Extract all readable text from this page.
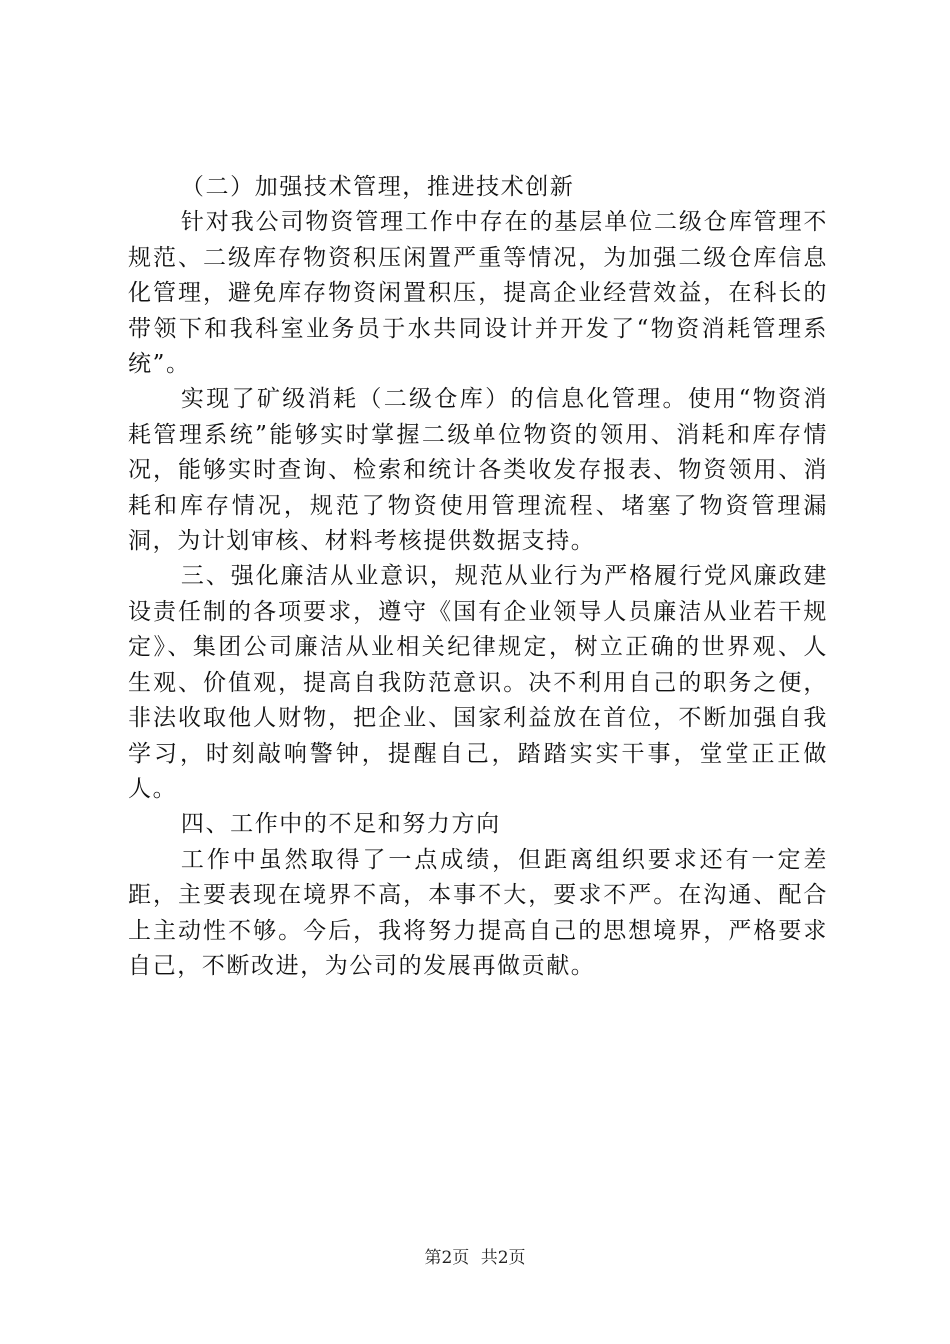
（二）加强技术管理，推进技术创新

针对我公司物资管理工作中存在的基层单位二级仓库管理不规范、二级库存物资积压闲置严重等情况，为加强二级仓库信息化管理，避免库存物资闲置积压，提高企业经营效益，在科长的带领下和我科室业务员于水共同设计并开发了“物资消耗管理系统”。

实现了矿级消耗（二级仓库）的信息化管理。使用“物资消耗管理系统”能够实时掌握二级单位物资的领用、消耗和库存情况，能够实时查询、检索和统计各类收发存报表、物资领用、消耗和库存情况，规范了物资使用管理流程、堵塞了物资管理漏洞，为计划审核、材料考核提供数据支持。

三、强化廉洁从业意识，规范从业行为严格履行党风廉政建设责任制的各项要求，遵守《国有企业领导人员廉洁从业若干规定》、集团公司廉洁从业相关纪律规定，树立正确的世界观、人生观、价值观，提高自我防范意识。决不利用自己的职务之便，非法收取他人财物，把企业、国家利益放在首位，不断加强自我学习，时刻敲响警钟，提醒自己，踏踏实实干事，堂堂正正做人。

四、工作中的不足和努力方向

工作中虽然取得了一点成绩，但距离组织要求还有一定差距，主要表现在境界不高，本事不大，要求不严。在沟通、配合上主动性不够。今后，我将努力提高自己的思想境界，严格要求自己，不断改进，为公司的发展再做贡献。

第2页 共2页
